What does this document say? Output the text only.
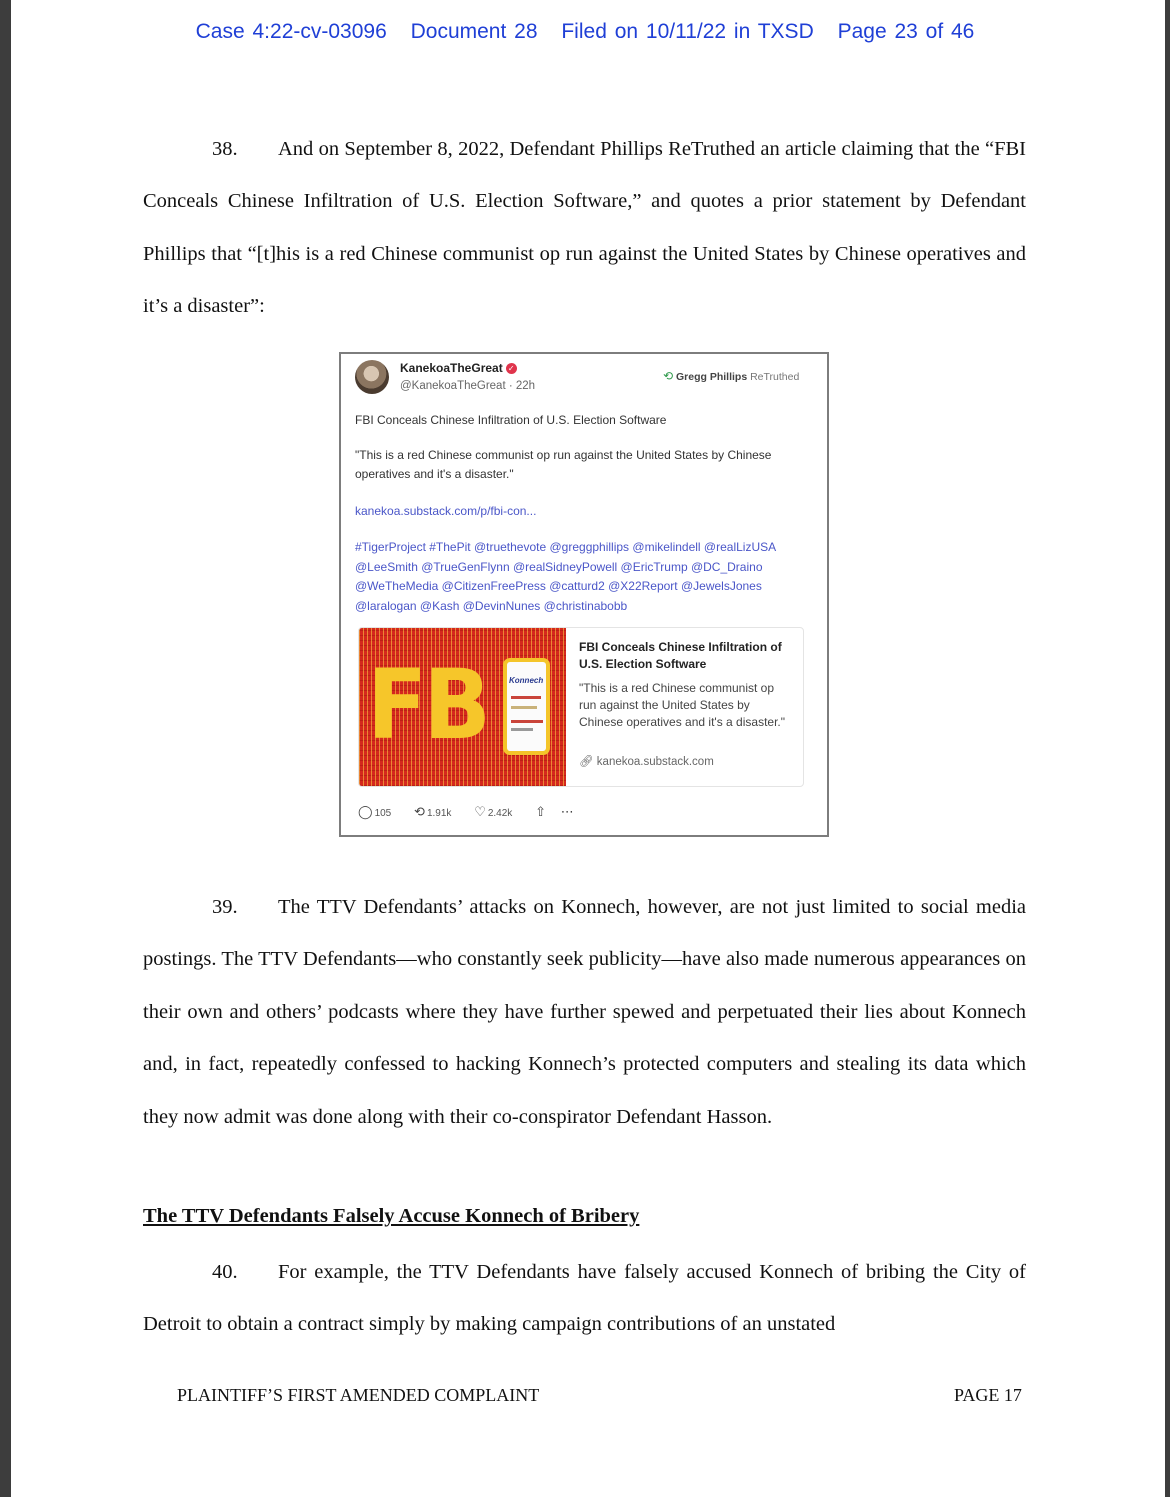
Case 4:22-cv-03096 Document 28 Filed on 10/11/22 in TXSD Page 23 of 46
38. And on September 8, 2022, Defendant Phillips ReTruthed an article claiming that the “FBI Conceals Chinese Infiltration of U.S. Election Software,” and quotes a prior statement by Defendant Phillips that “[t]his is a red Chinese communist op run against the United States by Chinese operatives and it’s a disaster”:
KanekoaTheGreat ✓
@KanekoaTheGreat · 22h
⟲ Gregg Phillips ReTruthed
FBI Conceals Chinese Infiltration of U.S. Election Software
"This is a red Chinese communist op run against the United States by Chinese operatives and it's a disaster."
kanekoa.substack.com/p/fbi-con...
#TigerProject #ThePit @truethevote @greggphillips @mikelindell @realLizUSA @LeeSmith @TrueGenFlynn @realSidneyPowell @EricTrump @DC_Draino @WeTheMedia @CitizenFreePress @catturd2 @X22Report @JewelsJones @laralogan @Kash @DevinNunes @christinabobb
FB	Konnech
FBI Conceals Chinese Infiltration of U.S. Election Software
"This is a red Chinese communist op run against the United States by Chinese operatives and it's a disaster."
🔗︎ kanekoa.substack.com
◯ 105 ⟲ 1.91k ♡ 2.42k ⇧ ⋯
39. The TTV Defendants’ attacks on Konnech, however, are not just limited to social media postings. The TTV Defendants—who constantly seek publicity—have also made numerous appearances on their own and others’ podcasts where they have further spewed and perpetuated their lies about Konnech and, in fact, repeatedly confessed to hacking Konnech’s protected computers and stealing its data which they now admit was done along with their co-conspirator Defendant Hasson.
The TTV Defendants Falsely Accuse Konnech of Bribery
40. For example, the TTV Defendants have falsely accused Konnech of bribing the City of Detroit to obtain a contract simply by making campaign contributions of an unstated
PLAINTIFF’S FIRST AMENDED COMPLAINT	PAGE 17
